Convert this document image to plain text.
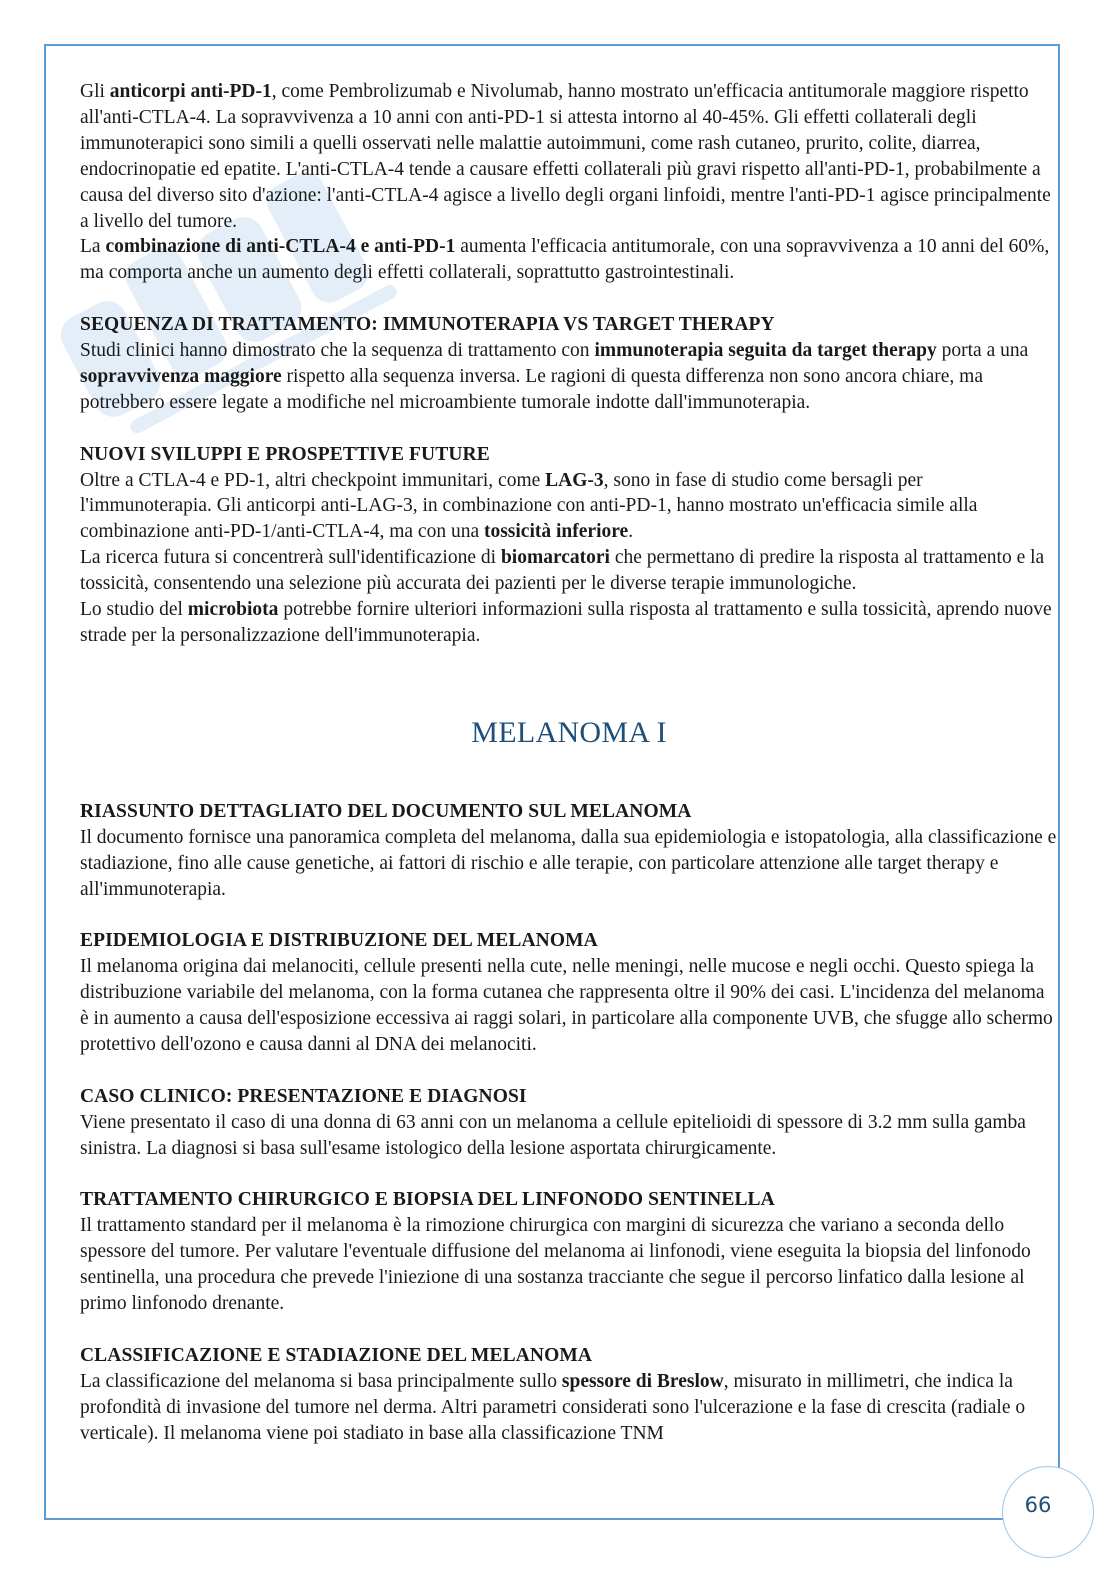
Gli anticorpi anti-PD-1, come Pembrolizumab e Nivolumab, hanno mostrato un'efficacia antitumorale maggiore rispetto all'anti-CTLA-4. La sopravvivenza a 10 anni con anti-PD-1 si attesta intorno al 40-45%. Gli effetti collaterali degli immunoterapici sono simili a quelli osservati nelle malattie autoimmuni, come rash cutaneo, prurito, colite, diarrea, endocrinopatie ed epatite. L'anti-CTLA-4 tende a causare effetti collaterali più gravi rispetto all'anti-PD-1, probabilmente a causa del diverso sito d'azione: l'anti-CTLA-4 agisce a livello degli organi linfoidi, mentre l'anti-PD-1 agisce principalmente a livello del tumore.

La combinazione di anti-CTLA-4 e anti-PD-1 aumenta l'efficacia antitumorale, con una sopravvivenza a 10 anni del 60%, ma comporta anche un aumento degli effetti collaterali, soprattutto gastrointestinali.

SEQUENZA DI TRATTAMENTO: IMMUNOTERAPIA VS TARGET THERAPY

Studi clinici hanno dimostrato che la sequenza di trattamento con immunoterapia seguita da target therapy porta a una sopravvivenza maggiore rispetto alla sequenza inversa. Le ragioni di questa differenza non sono ancora chiare, ma potrebbero essere legate a modifiche nel microambiente tumorale indotte dall'immunoterapia.

NUOVI SVILUPPI E PROSPETTIVE FUTURE

Oltre a CTLA-4 e PD-1, altri checkpoint immunitari, come LAG-3, sono in fase di studio come bersagli per l'immunoterapia. Gli anticorpi anti-LAG-3, in combinazione con anti-PD-1, hanno mostrato un'efficacia simile alla combinazione anti-PD-1/anti-CTLA-4, ma con una tossicità inferiore.

La ricerca futura si concentrerà sull'identificazione di biomarcatori che permettano di predire la risposta al trattamento e la tossicità, consentendo una selezione più accurata dei pazienti per le diverse terapie immunologiche.

Lo studio del microbiota potrebbe fornire ulteriori informazioni sulla risposta al trattamento e sulla tossicità, aprendo nuove strade per la personalizzazione dell'immunoterapia.

MELANOMA I
RIASSUNTO DETTAGLIATO DEL DOCUMENTO SUL MELANOMA

Il documento fornisce una panoramica completa del melanoma, dalla sua epidemiologia e istopatologia, alla classificazione e stadiazione, fino alle cause genetiche, ai fattori di rischio e alle terapie, con particolare attenzione alle target therapy e all'immunoterapia.

EPIDEMIOLOGIA E DISTRIBUZIONE DEL MELANOMA

Il melanoma origina dai melanociti, cellule presenti nella cute, nelle meningi, nelle mucose e negli occhi. Questo spiega la distribuzione variabile del melanoma, con la forma cutanea che rappresenta oltre il 90% dei casi. L'incidenza del melanoma è in aumento a causa dell'esposizione eccessiva ai raggi solari, in particolare alla componente UVB, che sfugge allo schermo protettivo dell'ozono e causa danni al DNA dei melanociti.

CASO CLINICO: PRESENTAZIONE E DIAGNOSI

Viene presentato il caso di una donna di 63 anni con un melanoma a cellule epitelioidi di spessore di 3.2 mm sulla gamba sinistra. La diagnosi si basa sull'esame istologico della lesione asportata chirurgicamente.

TRATTAMENTO CHIRURGICO E BIOPSIA DEL LINFONODO SENTINELLA

Il trattamento standard per il melanoma è la rimozione chirurgica con margini di sicurezza che variano a seconda dello spessore del tumore. Per valutare l'eventuale diffusione del melanoma ai linfonodi, viene eseguita la biopsia del linfonodo sentinella, una procedura che prevede l'iniezione di una sostanza tracciante che segue il percorso linfatico dalla lesione al primo linfonodo drenante.

CLASSIFICAZIONE E STADIAZIONE DEL MELANOMA

La classificazione del melanoma si basa principalmente sullo spessore di Breslow, misurato in millimetri, che indica la profondità di invasione del tumore nel derma. Altri parametri considerati sono l'ulcerazione e la fase di crescita (radiale o verticale). Il melanoma viene poi stadiato in base alla classificazione TNM

66
